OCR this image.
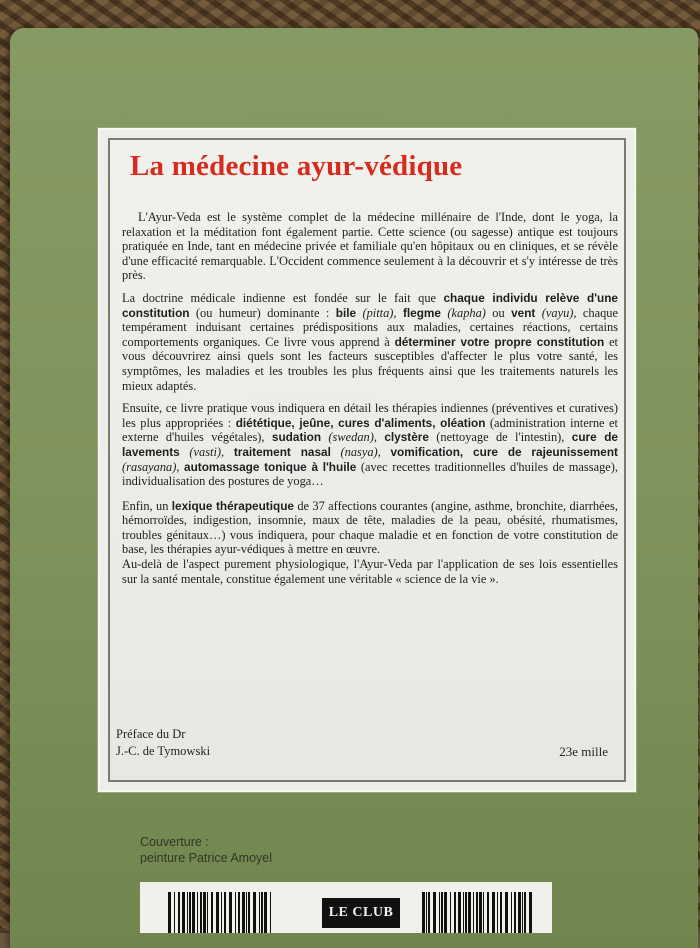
La médecine ayur-védique

L'Ayur-Veda est le système complet de la médecine millénaire de l'Inde, dont le yoga, la relaxation et la méditation font également partie. Cette science (ou sagesse) antique est toujours pratiquée en Inde, tant en médecine privée et familiale qu'en hôpitaux ou en cliniques, et se révèle d'une efficacité remarquable. L'Occident commence seulement à la découvrir et s'y intéresse de très près.

La doctrine médicale indienne est fondée sur le fait que chaque individu relève d'une constitution (ou humeur) dominante : bile (pitta), flegme (kapha) ou vent (vayu), chaque tempérament induisant certaines prédispositions aux maladies, certaines réactions, certains comportements organiques. Ce livre vous apprend à déterminer votre propre constitution et vous découvrirez ainsi quels sont les facteurs susceptibles d'affecter le plus votre santé, les symptômes, les maladies et les troubles les plus fréquents ainsi que les traitements naturels les mieux adaptés.

Ensuite, ce livre pratique vous indiquera en détail les thérapies indiennes (préventives et curatives) les plus appropriées : diététique, jeûne, cures d'aliments, oléation (administration interne et externe d'huiles végétales), sudation (swedan), clystère (nettoyage de l'intestin), cure de lavements (vasti), traitement nasal (nasya), vomification, cure de rajeunissement (rasayana), automassage tonique à l'huile (avec recettes traditionnelles d'huiles de massage), individualisation des postures de yoga…

Enfin, un lexique thérapeutique de 37 affections courantes (angine, asthme, bronchite, diarrhées, hémorroïdes, indigestion, insomnie, maux de tête, maladies de la peau, obésité, rhumatismes, troubles génitaux…) vous indiquera, pour chaque maladie et en fonction de votre constitution de base, les thérapies ayur-védiques à mettre en œuvre.

Au-delà de l'aspect purement physiologique, l'Ayur-Veda par l'application de ses lois essentielles sur la santé mentale, constitue également une véritable « science de la vie ».

Préface du Dr
J.-C. de Tymowski	23e mille
Couverture :
peinture Patrice Amoyel
LE CLUB
